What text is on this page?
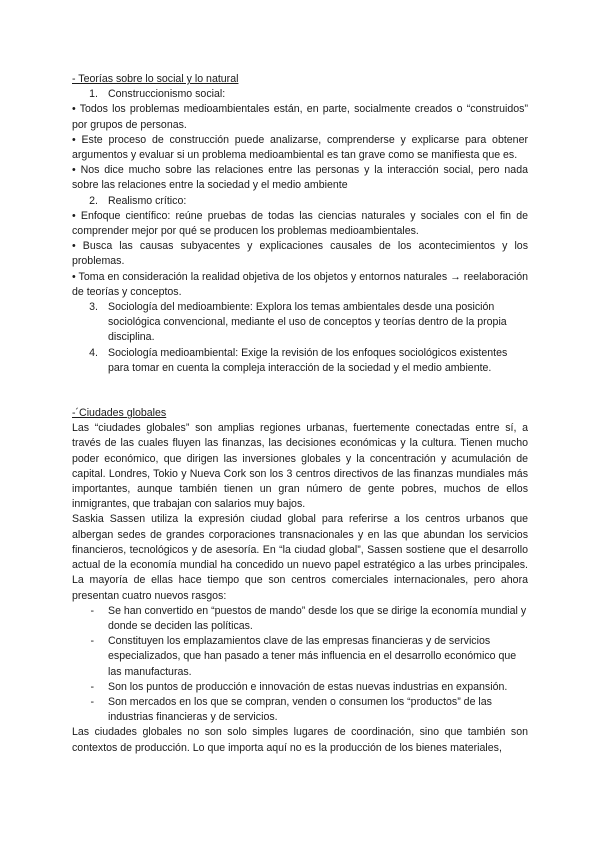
- Teorías sobre lo social y lo natural

1. Construccionismo social:

• Todos los problemas medioambientales están, en parte, socialmente creados o “construidos” por grupos de personas.

• Este proceso de construcción puede analizarse, comprenderse y explicarse para obtener argumentos y evaluar si un problema medioambiental es tan grave como se manifiesta que es.

• Nos dice mucho sobre las relaciones entre las personas y la interacción social, pero nada sobre las relaciones entre la sociedad y el medio ambiente

2. Realismo crítico:

• Enfoque científico: reúne pruebas de todas las ciencias naturales y sociales con el fin de comprender mejor por qué se producen los problemas medioambientales.

• Busca las causas subyacentes y explicaciones causales de los acontecimientos y los problemas.

• Toma en consideración la realidad objetiva de los objetos y entornos naturales → reelaboración de teorías y conceptos.

3. Sociología del medioambiente: Explora los temas ambientales desde una posición sociológica convencional, mediante el uso de conceptos y teorías dentro de la propia disciplina.
4. Sociología medioambiental: Exige la revisión de los enfoques sociológicos existentes para tomar en cuenta la compleja interacción de la sociedad y el medio ambiente.

-´Ciudades globales

Las “ciudades globales” son amplias regiones urbanas, fuertemente conectadas entre sí, a través de las cuales fluyen las finanzas, las decisiones económicas y la cultura. Tienen mucho poder económico, que dirigen las inversiones globales y la concentración y acumulación de capital. Londres, Tokio y Nueva Cork son los 3 centros directivos de las finanzas mundiales más importantes, aunque también tienen un gran número de gente pobres, muchos de ellos inmigrantes, que trabajan con salarios muy bajos.

Saskia Sassen utiliza la expresión ciudad global para referirse a los centros urbanos que albergan sedes de grandes corporaciones transnacionales y en las que abundan los servicios financieros, tecnológicos y de asesoría. En “la ciudad global”, Sassen sostiene que el desarrollo actual de la economía mundial ha concedido un nuevo papel estratégico a las urbes principales. La mayoría de ellas hace tiempo que son centros comerciales internacionales, pero ahora presentan cuatro nuevos rasgos:

-	Se han convertido en “puestos de mando” desde los que se dirige la economía mundial y donde se deciden las políticas.
-	Constituyen los emplazamientos clave de las empresas financieras y de servicios especializados, que han pasado a tener más influencia en el desarrollo económico que las manufacturas.
-	Son los puntos de producción e innovación de estas nuevas industrias en expansión.
-	Son mercados en los que se compran, venden o consumen los “productos” de las industrias financieras y de servicios.

Las ciudades globales no son solo simples lugares de coordinación, sino que también son contextos de producción. Lo que importa aquí no es la producción de los bienes materiales,
